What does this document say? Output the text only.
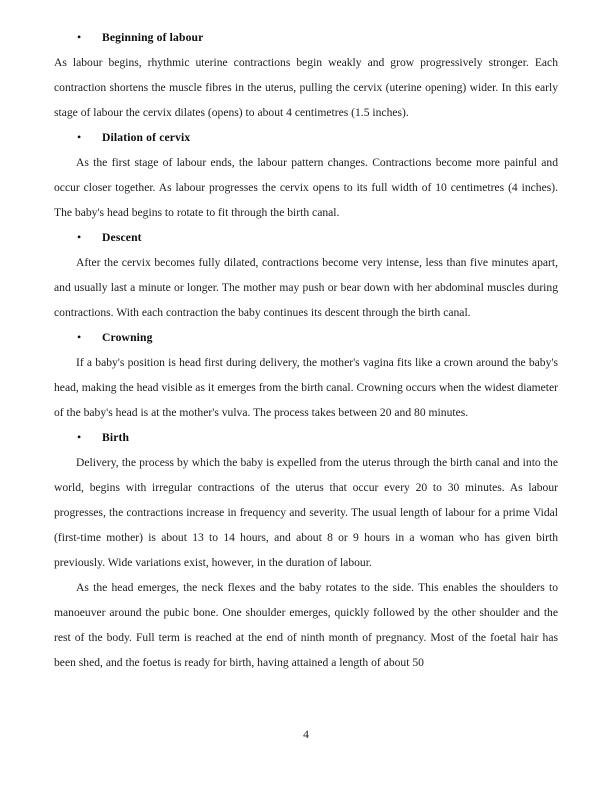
•	Beginning of labour

As labour begins, rhythmic uterine contractions begin weakly and grow progressively stronger. Each contraction shortens the muscle fibres in the uterus, pulling the cervix (uterine opening) wider. In this early stage of labour the cervix dilates (opens) to about 4 centimetres (1.5 inches).

•	Dilation of cervix

As the first stage of labour ends, the labour pattern changes. Contractions become more painful and occur closer together. As labour progresses the cervix opens to its full width of 10 centimetres (4 inches). The baby's head begins to rotate to fit through the birth canal.

•	Descent

After the cervix becomes fully dilated, contractions become very intense, less than five minutes apart, and usually last a minute or longer. The mother may push or bear down with her abdominal muscles during contractions. With each contraction the baby continues its descent through the birth canal.

•	Crowning

If a baby's position is head first during delivery, the mother's vagina fits like a crown around the baby's head, making the head visible as it emerges from the birth canal. Crowning occurs when the widest diameter of the baby's head is at the mother's vulva. The process takes between 20 and 80 minutes.

•	Birth

Delivery, the process by which the baby is expelled from the uterus through the birth canal and into the world, begins with irregular contractions of the uterus that occur every 20 to 30 minutes. As labour progresses, the contractions increase in frequency and severity. The usual length of labour for a prime Vidal (first-time mother) is about 13 to 14 hours, and about 8 or 9 hours in a woman who has given birth previously. Wide variations exist, however, in the duration of labour.

As the head emerges, the neck flexes and the baby rotates to the side. This enables the shoulders to manoeuver around the pubic bone. One shoulder emerges, quickly followed by the other shoulder and the rest of the body. Full term is reached at the end of ninth month of pregnancy. Most of the foetal hair has been shed, and the foetus is ready for birth, having attained a length of about 50

4
